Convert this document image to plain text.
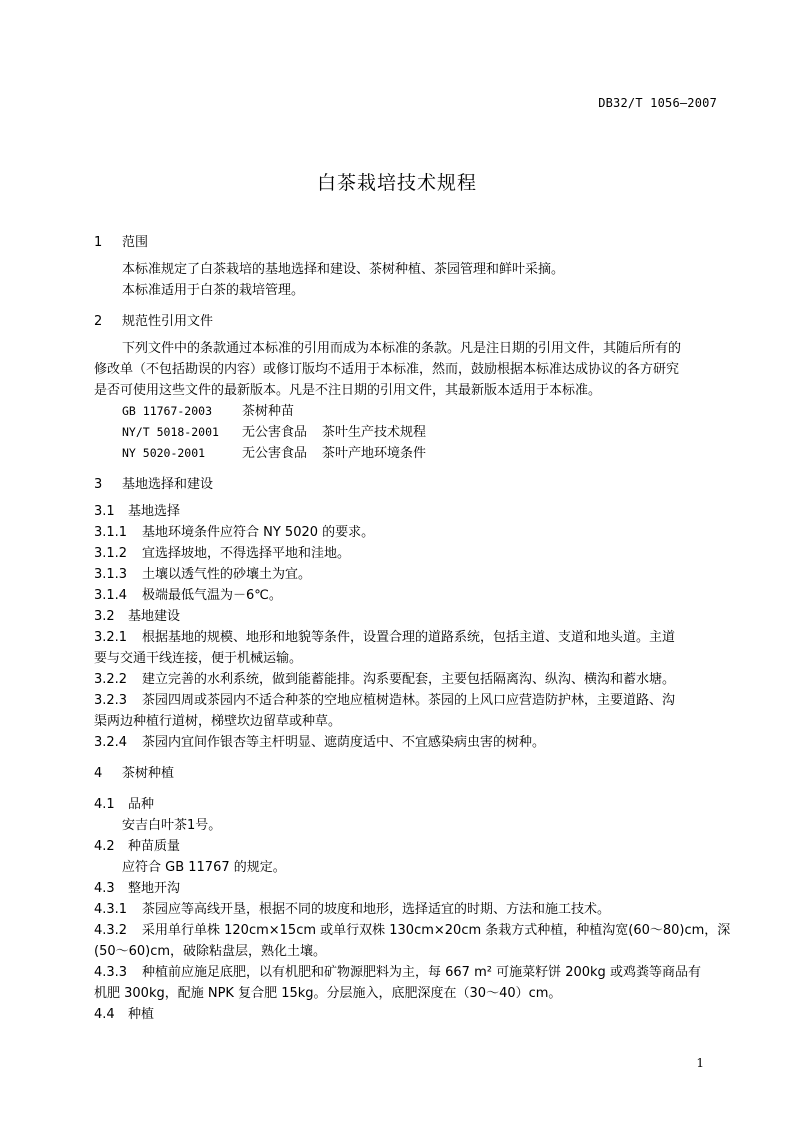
DB32/T 1056—2007
白茶栽培技术规程
1 范围
本标准规定了白茶栽培的基地选择和建设、茶树种植、茶园管理和鲜叶采摘。
本标准适用于白茶的栽培管理。
2 规范性引用文件
下列文件中的条款通过本标准的引用而成为本标准的条款。凡是注日期的引用文件，其随后所有的
修改单（不包括勘误的内容）或修订版均不适用于本标准，然而，鼓励根据本标准达成协议的各方研究
是否可使用这些文件的最新版本。凡是不注日期的引用文件，其最新版本适用于本标准。
GB 11767-2003 茶树种苗
NY/T 5018-2001 无公害食品 茶叶生产技术规程
NY 5020-2001	无公害食品 茶叶产地环境条件
3 基地选择和建设
3.1 基地选择
3.1.1 基地环境条件应符合 NY 5020 的要求。
3.1.2 宜选择坡地，不得选择平地和洼地。
3.1.3 土壤以透气性的砂壤土为宜。
3.1.4 极端最低气温为－6℃。
3.2 基地建设
3.2.1 根据基地的规模、地形和地貌等条件，设置合理的道路系统，包括主道、支道和地头道。主道
要与交通干线连接，便于机械运输。
3.2.2 建立完善的水利系统，做到能蓄能排。沟系要配套，主要包括隔离沟、纵沟、横沟和蓄水塘。
3.2.3 茶园四周或茶园内不适合种茶的空地应植树造林。茶园的上风口应营造防护林，主要道路、沟
渠两边种植行道树，梯壁坎边留草或种草。
3.2.4 茶园内宜间作银杏等主杆明显、遮荫度适中、不宜感染病虫害的树种。
4 茶树种植
4.1 品种
安吉白叶茶1号。
4.2 种苗质量
应符合 GB 11767 的规定。
4.3 整地开沟
4.3.1 茶园应等高线开垦，根据不同的坡度和地形，选择适宜的时期、方法和施工技术。
4.3.2 采用单行单株 120cm×15cm 或单行双株 130cm×20cm 条栽方式种植，种植沟宽(60～80)cm，深
(50～60)cm，破除粘盘层，熟化土壤。
4.3.3 种植前应施足底肥，以有机肥和矿物源肥料为主，每 667 m² 可施菜籽饼 200kg 或鸡粪等商品有
机肥 300kg，配施 NPK 复合肥 15kg。分层施入，底肥深度在（30～40）cm。
4.4 种植
1
